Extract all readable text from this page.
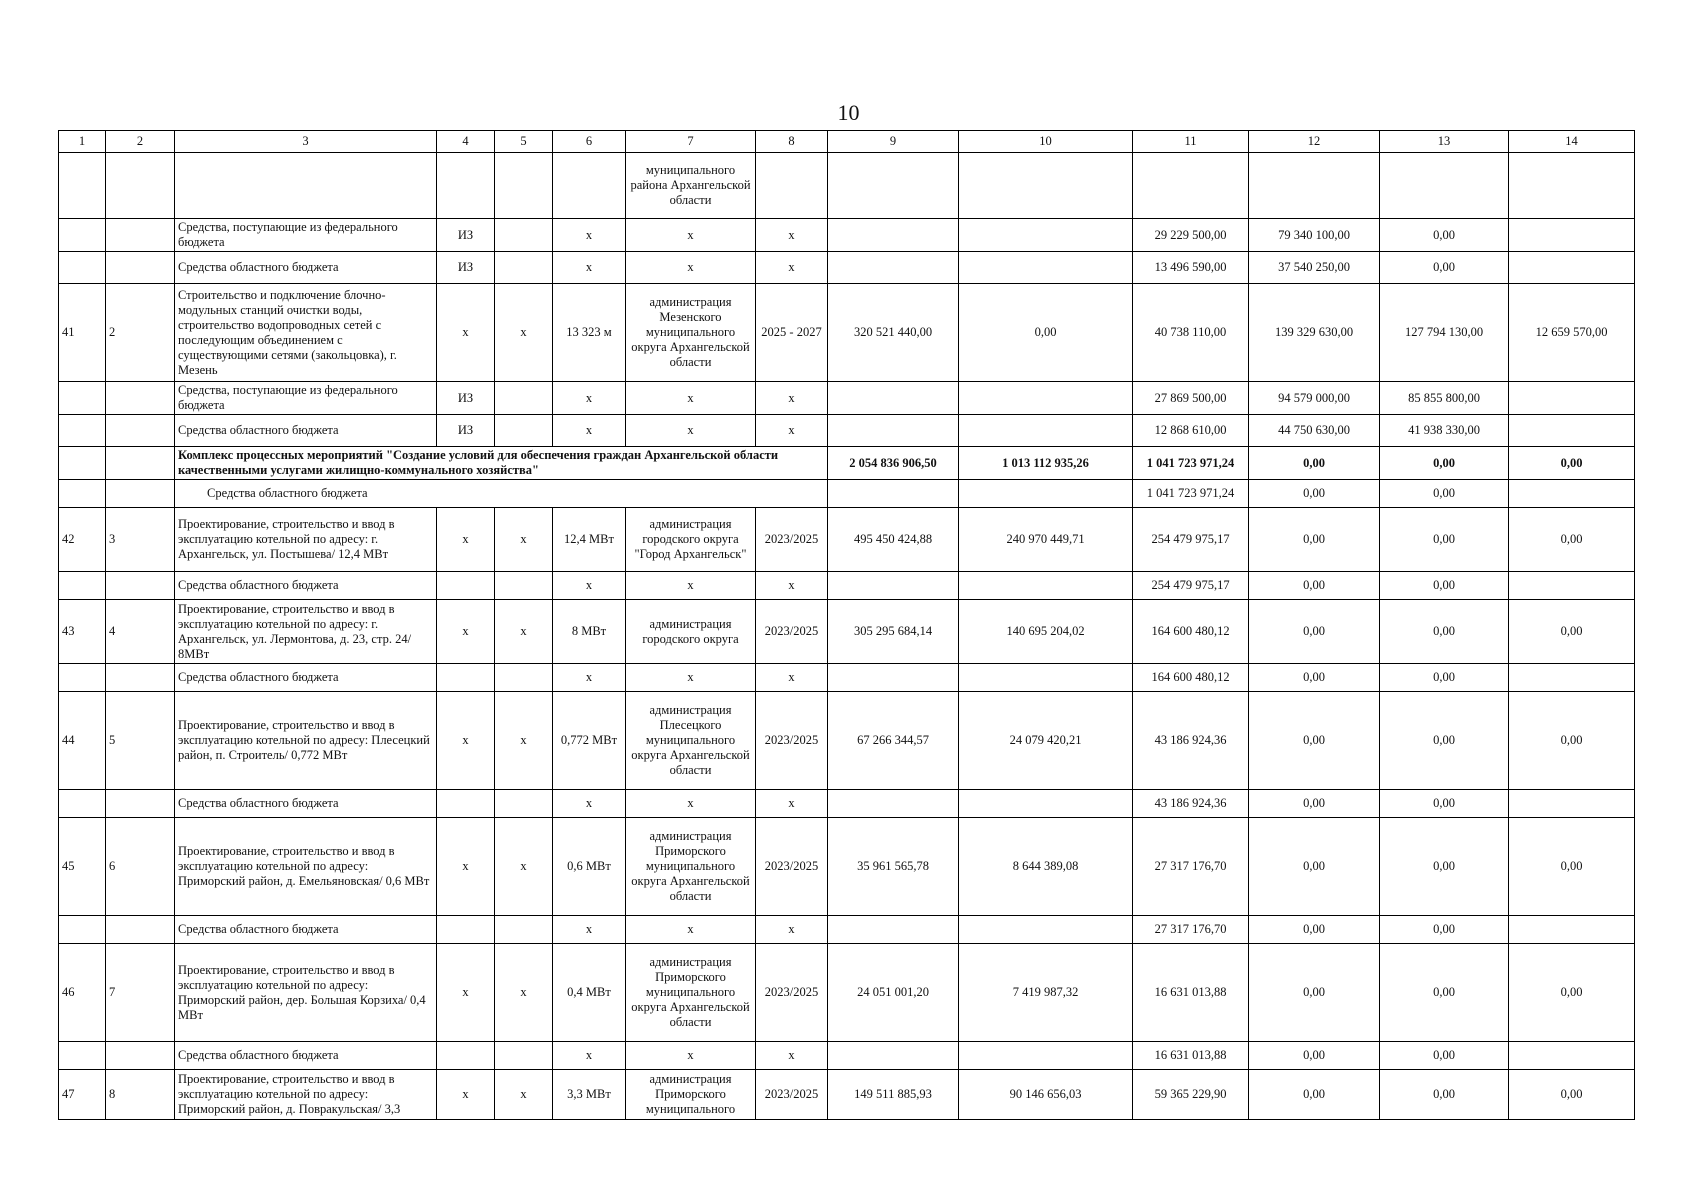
10
1	2	3	4	5	6	7	8	9	10	11	12	13	14
						муниципального района Архангельской области							
		Средства, поступающие из федерального бюджета	ИЗ		х	х	х			29 229 500,00	79 340 100,00	0,00	
		Средства областного бюджета	ИЗ		х	х	х			13 496 590,00	37 540 250,00	0,00	
41	2	Строительство и подключение блочно-модульных станций очистки воды, строительство водопроводных сетей с последующим объединением с существующими сетями (закольцовка), г. Мезень	х	х	13 323 м	администрация Мезенского муниципального округа Архангельской области	2025 - 2027	320 521 440,00	0,00	40 738 110,00	139 329 630,00	127 794 130,00	12 659 570,00
		Средства, поступающие из федерального бюджета	ИЗ		х	х	х			27 869 500,00	94 579 000,00	85 855 800,00	
		Средства областного бюджета	ИЗ		х	х	х			12 868 610,00	44 750 630,00	41 938 330,00	
		Комплекс процессных мероприятий "Создание условий для обеспечения граждан Архангельской области качественными услугами жилищно-коммунального хозяйства"						2 054 836 906,50	1 013 112 935,26	1 041 723 971,24	0,00	0,00	0,00
		Средства областного бюджета								1 041 723 971,24	0,00	0,00	
42	3	Проектирование, строительство и ввод в эксплуатацию котельной по адресу: г. Архангельск, ул. Постышева/ 12,4 МВт	х	х	12,4 МВт	администрация городского округа "Город Архангельск"	2023/2025	495 450 424,88	240 970 449,71	254 479 975,17	0,00	0,00	0,00
		Средства областного бюджета			х	х	х			254 479 975,17	0,00	0,00	
43	4	Проектирование, строительство и ввод в эксплуатацию котельной по адресу: г. Архангельск, ул. Лермонтова, д. 23, стр. 24/ 8МВт	х	х	8 МВт	администрация городского округа	2023/2025	305 295 684,14	140 695 204,02	164 600 480,12	0,00	0,00	0,00
		Средства областного бюджета			х	х	х			164 600 480,12	0,00	0,00	
44	5	Проектирование, строительство и ввод в эксплуатацию котельной по адресу: Плесецкий район, п. Строитель/ 0,772 МВт	х	х	0,772 МВт	администрация Плесецкого муниципального округа Архангельской области	2023/2025	67 266 344,57	24 079 420,21	43 186 924,36	0,00	0,00	0,00
		Средства областного бюджета			х	х	х			43 186 924,36	0,00	0,00	
45	6	Проектирование, строительство и ввод в эксплуатацию котельной по адресу: Приморский район, д. Емельяновская/ 0,6 МВт	х	х	0,6 МВт	администрация Приморского муниципального округа Архангельской области	2023/2025	35 961 565,78	8 644 389,08	27 317 176,70	0,00	0,00	0,00
		Средства областного бюджета			х	х	х			27 317 176,70	0,00	0,00	
46	7	Проектирование, строительство и ввод в эксплуатацию котельной по адресу: Приморский район, дер. Большая Корзиха/ 0,4 МВт	х	х	0,4 МВт	администрация Приморского муниципального округа Архангельской области	2023/2025	24 051 001,20	7 419 987,32	16 631 013,88	0,00	0,00	0,00
		Средства областного бюджета			х	х	х			16 631 013,88	0,00	0,00	
47	8	Проектирование, строительство и ввод в эксплуатацию котельной по адресу: Приморский район, д. Повракульская/ 3,3	х	х	3,3 МВт	администрация Приморского муниципального	2023/2025	149 511 885,93	90 146 656,03	59 365 229,90	0,00	0,00	0,00
